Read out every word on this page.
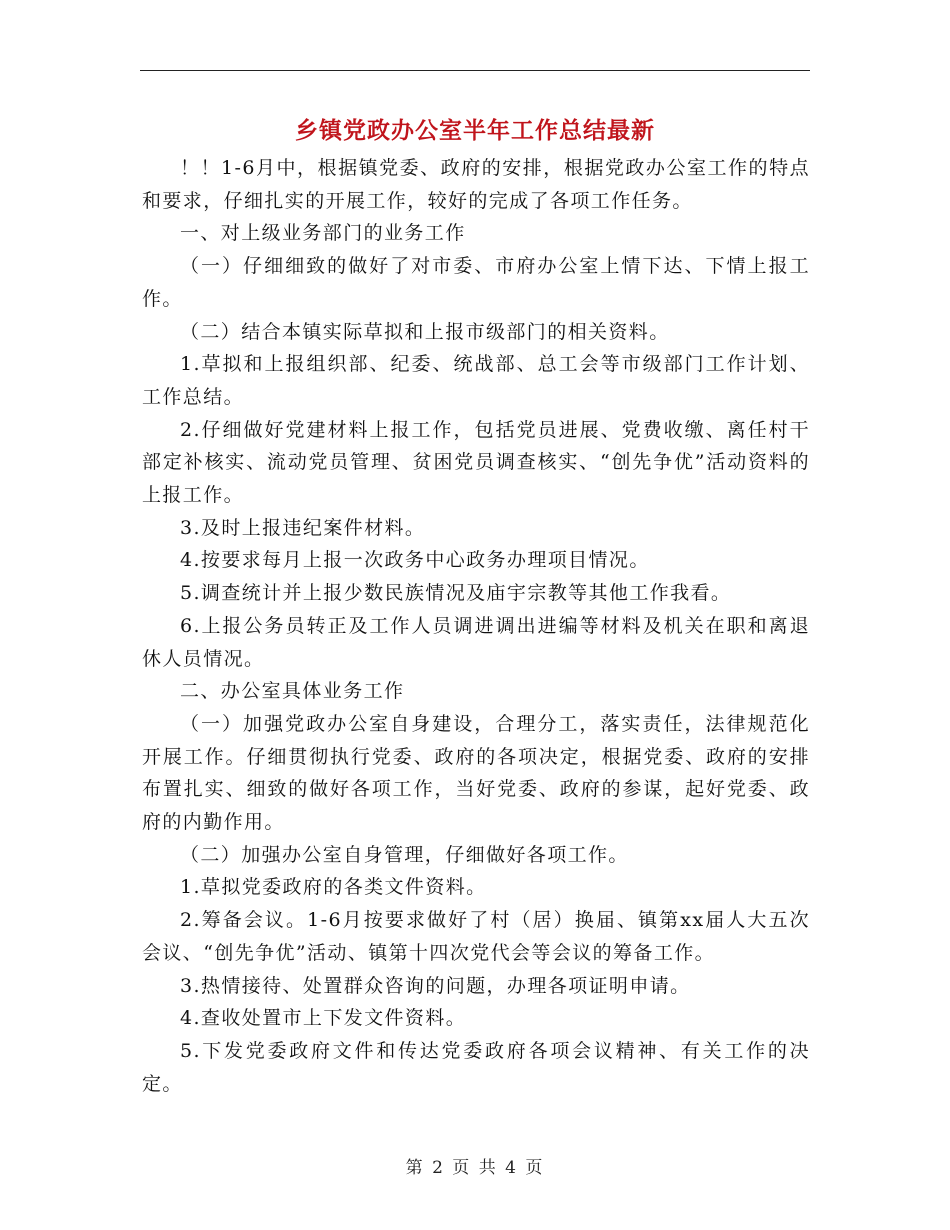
乡镇党政办公室半年工作总结最新

！！1-6月中，根据镇党委、政府的安排，根据党政办公室工作的特点和要求，仔细扎实的开展工作，较好的完成了各项工作任务。

一、对上级业务部门的业务工作

（一）仔细细致的做好了对市委、市府办公室上情下达、下情上报工作。

（二）结合本镇实际草拟和上报市级部门的相关资料。

1.草拟和上报组织部、纪委、统战部、总工会等市级部门工作计划、工作总结。

2.仔细做好党建材料上报工作，包括党员进展、党费收缴、离任村干部定补核实、流动党员管理、贫困党员调查核实、“创先争优”活动资料的上报工作。

3.及时上报违纪案件材料。

4.按要求每月上报一次政务中心政务办理项目情况。

5.调查统计并上报少数民族情况及庙宇宗教等其他工作我看。

6.上报公务员转正及工作人员调进调出进编等材料及机关在职和离退休人员情况。

二、办公室具体业务工作

（一）加强党政办公室自身建设，合理分工，落实责任，法律规范化开展工作。仔细贯彻执行党委、政府的各项决定，根据党委、政府的安排布置扎实、细致的做好各项工作，当好党委、政府的参谋，起好党委、政府的内勤作用。

（二）加强办公室自身管理，仔细做好各项工作。

1.草拟党委政府的各类文件资料。

2.筹备会议。1-6月按要求做好了村（居）换届、镇第xx届人大五次会议、“创先争优”活动、镇第十四次党代会等会议的筹备工作。

3.热情接待、处置群众咨询的问题，办理各项证明申请。

4.查收处置市上下发文件资料。

5.下发党委政府文件和传达党委政府各项会议精神、有关工作的决定。

第 2 页 共 4 页
